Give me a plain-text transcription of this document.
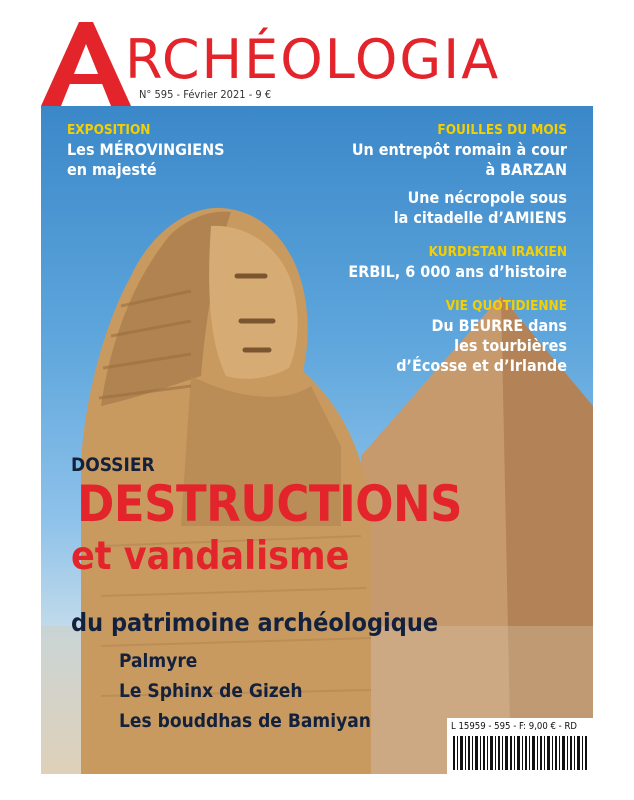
RCHÉOLOGIA
N° 595 - Février 2021 - 9 €
EXPOSITION
Les MÉROVINGIENS
en majesté
FOUILLES DU MOIS
Un entrepôt romain à cour
à BARZAN
Une nécropole sous
la citadelle d’AMIENS
KURDISTAN IRAKIEN
ERBIL, 6 000 ans d’histoire
VIE QUOTIDIENNE
Du BEURRE dans
les tourbières
d’Écosse et d’Irlande
DOSSIER
DESTRUCTIONS
et vandalisme
du patrimoine archéologique
Palmyre
Le Sphinx de Gizeh
Les bouddhas de Bamiyan	L 15959 - 595 - F: 9,00 € - RD
